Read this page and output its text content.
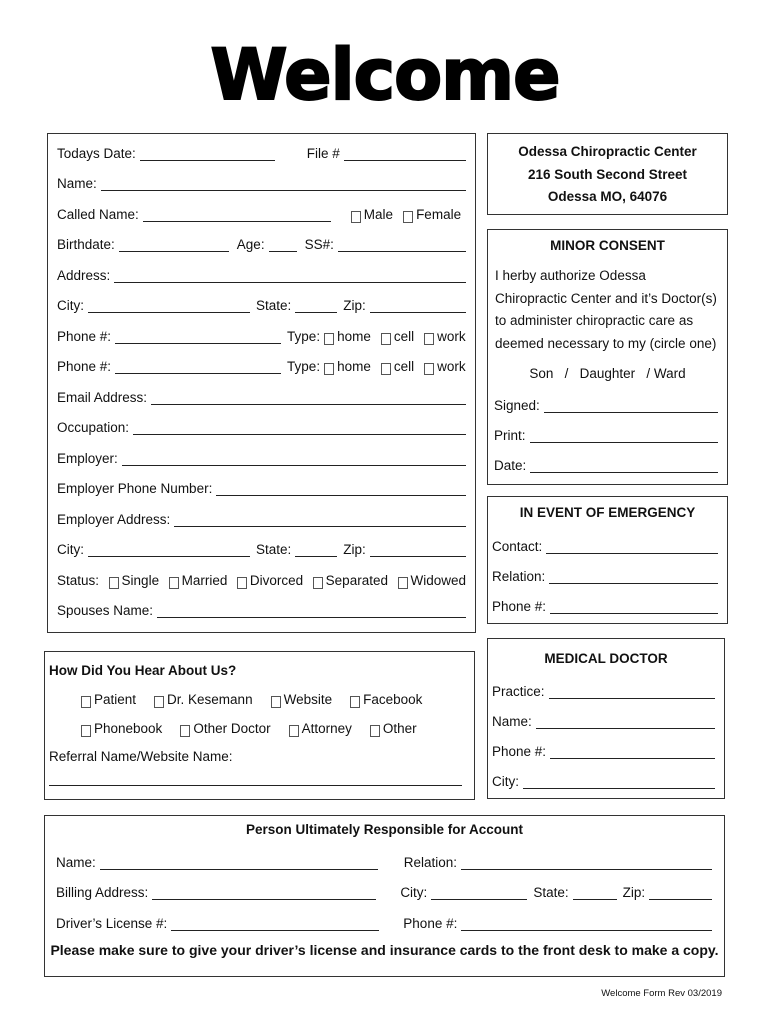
Welcome
Todays Date:	File #
Name:
Called Name:	Male Female
Birthdate:	Age:	SS#:
Address:
City:	State:	Zip:
Phone #:	Type: home cell work
Phone #:	Type: home cell work
Email Address:
Occupation:
Employer:
Employer Phone Number:
Employer Address:
City:	State:	Zip:
Status: Single Married Divorced Separated Widowed
Spouses Name:
Odessa Chiropractic Center
216 South Second Street
Odessa MO, 64076
MINOR CONSENT
I herby authorize Odessa Chiropractic Center and it’s Doctor(s) to administer chiropractic care as deemed necessary to my (circle one)
Son   /   Daughter   / Ward
Signed:
Print:
Date:
IN EVENT OF EMERGENCY
Contact:
Relation:
Phone #:
MEDICAL DOCTOR
Practice:
Name:
Phone #:
City:
How Did You Hear About Us?
Patient Dr. Kesemann Website Facebook
Phonebook Other Doctor Attorney Other
Referral Name/Website Name:
Person Ultimately Responsible for Account
Name:	Relation:
Billing Address:	City:	State:	Zip:
Driver’s License #:	Phone #:
Please make sure to give your driver’s license and insurance cards to the front desk to make a copy.
Welcome Form Rev 03/2019
